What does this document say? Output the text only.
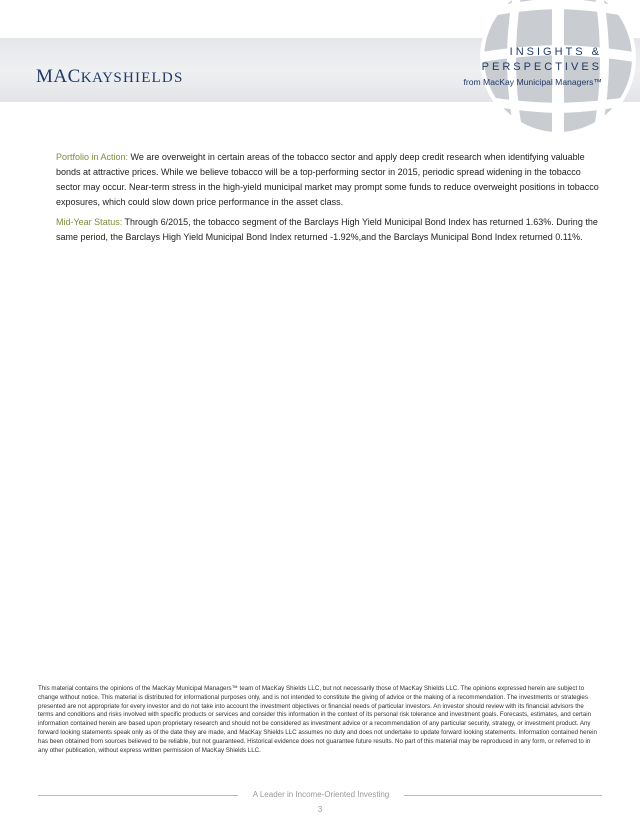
MACKAYSHIELDS
INSIGHTS &
PERSPECTIVES
from MacKay Municipal Managers™

Portfolio in Action: We are overweight in certain areas of the tobacco sector and apply deep credit research when identifying valuable bonds at attractive prices. While we believe tobacco will be a top-performing sector in 2015, periodic spread widening in the tobacco sector may occur. Near-term stress in the high-yield municipal market may prompt some funds to reduce overweight positions in tobacco exposures, which could slow down price performance in the asset class.

Mid-Year Status: Through 6/2015, the tobacco segment of the Barclays High Yield Municipal Bond Index has returned 1.63%. During the same period, the Barclays High Yield Municipal Bond Index returned -1.92%,and the Barclays Municipal Bond Index returned 0.11%.

This material contains the opinions of the MacKay Municipal Managers™ team of MacKay Shields LLC, but not necessarily those of MacKay Shields LLC. The opinions expressed herein are subject to change without notice. This material is distributed for informational purposes only, and is not intended to constitute the giving of advice or the making of a recommendation. The investments or strategies presented are not appropriate for every investor and do not take into account the investment objectives or financial needs of particular investors. An investor should review with its financial advisors the terms and conditions and risks involved with specific products or services and consider this information in the context of its personal risk tolerance and investment goals. Forecasts, estimates, and certain information contained herein are based upon proprietary research and should not be considered as investment advice or a recommendation of any particular security, strategy, or investment product. Any forward looking statements speak only as of the date they are made, and MacKay Shields LLC assumes no duty and does not undertake to update forward looking statements. Information contained herein has been obtained from sources believed to be reliable, but not guaranteed. Historical evidence does not guarantee future results. No part of this material may be reproduced in any form, or referred to in any other publication, without express written permission of MacKay Shields LLC.
A Leader in Income-Oriented Investing
3
